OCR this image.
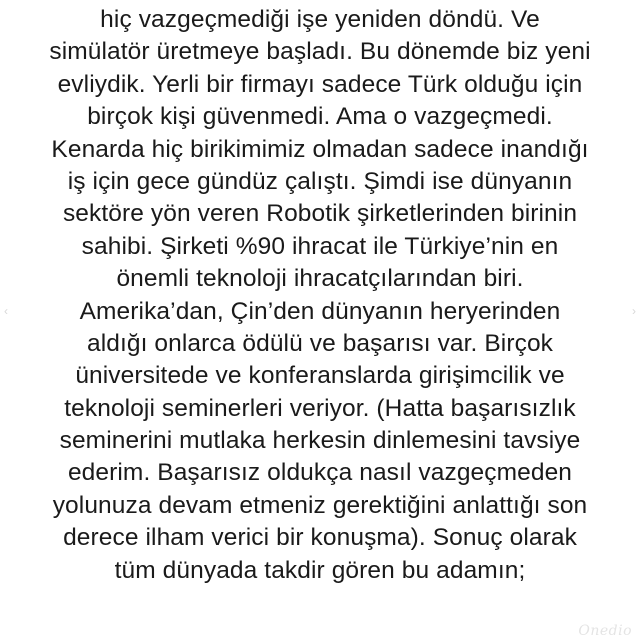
hiç vazgeçmediği işe yeniden döndü. Ve
simülatör üretmeye başladı. Bu dönemde biz yeni
evliydik. Yerli bir firmayı sadece Türk olduğu için
birçok kişi güvenmedi. Ama o vazgeçmedi.
Kenarda hiç birikimimiz olmadan sadece inandığı
iş için gece gündüz çalıştı. Şimdi ise dünyanın
sektöre yön veren Robotik şirketlerinden birinin
sahibi. Şirketi %90 ihracat ile Türkiye’nin en
önemli teknoloji ihracatçılarından biri.
Amerika’dan, Çin’den dünyanın heryerinden
aldığı onlarca ödülü ve başarısı var. Birçok
üniversitede ve konferanslarda girişimcilik ve
teknoloji seminerleri veriyor. (Hatta başarısızlık
seminerini mutlaka herkesin dinlemesini tavsiye
ederim. Başarısız oldukça nasıl vazgeçmeden
yolunuza devam etmeniz gerektiğini anlattığı son
derece ilham verici bir konuşma). Sonuç olarak
tüm dünyada takdir gören bu adamın;
‹	›
Onedio
